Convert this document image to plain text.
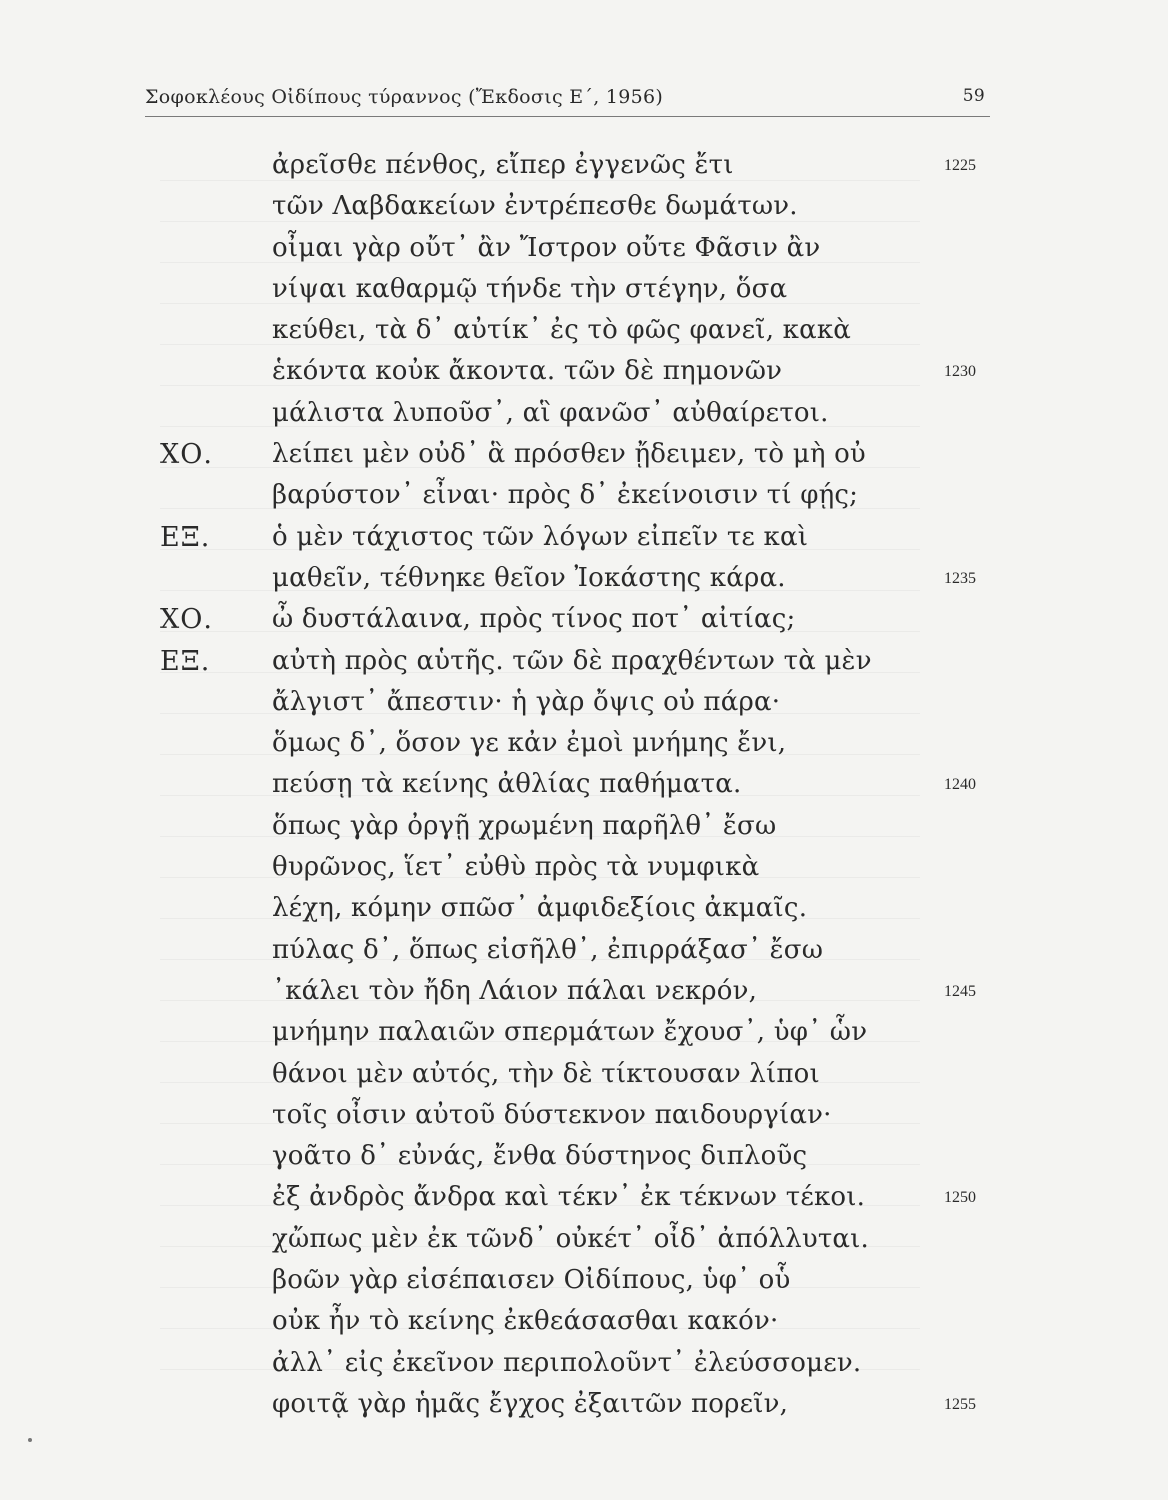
Σοφοκλέους Οἰδίπους τύραννος (Ἔκδοσις Ε΄, 1956)	59
ἀρεῖσθε πένθος, εἴπερ ἐγγενῶς ἔτι	1225
τῶν Λαβδακείων ἐντρέπεσθε δωμάτων.
οἶμαι γὰρ οὔτ᾽ ἂν Ἴστρον οὔτε Φᾶσιν ἂν
νίψαι καθαρμῷ τήνδε τὴν στέγην, ὅσα
κεύθει, τὰ δ᾽ αὐτίκ᾽ ἐς τὸ φῶς φανεῖ, κακὰ
ἑκόντα κοὐκ ἄκοντα. τῶν δὲ πημονῶν	1230
μάλιστα λυποῦσ᾽, αἳ φανῶσ᾽ αὐθαίρετοι.
ΧΟ. λείπει μὲν οὐδ᾽ ἃ πρόσθεν ᾔδειμεν, τὸ μὴ οὐ
βαρύστον᾽ εἶναι· πρὸς δ᾽ ἐκείνοισιν τί φῄς;
ΕΞ. ὁ μὲν τάχιστος τῶν λόγων εἰπεῖν τε καὶ
μαθεῖν, τέθνηκε θεῖον Ἰοκάστης κάρα.	1235
ΧΟ. ὦ δυστάλαινα, πρὸς τίνος ποτ᾽ αἰτίας;
ΕΞ. αὐτὴ πρὸς αὑτῆς. τῶν δὲ πραχθέντων τὰ μὲν
ἄλγιστ᾽ ἄπεστιν· ἡ γὰρ ὄψις οὐ πάρα·
ὅμως δ᾽, ὅσον γε κἀν ἐμοὶ μνήμης ἔνι,
πεύσῃ τὰ κείνης ἀθλίας παθήματα.	1240
ὅπως γὰρ ὀργῇ χρωμένη παρῆλθ᾽ ἔσω
θυρῶνος, ἵετ᾽ εὐθὺ πρὸς τὰ νυμφικὰ
λέχη, κόμην σπῶσ᾽ ἀμφιδεξίοις ἀκμαῖς.
πύλας δ᾽, ὅπως εἰσῆλθ᾽, ἐπιρράξασ᾽ ἔσω
᾽κάλει τὸν ἤδη Λάιον πάλαι νεκρόν,	1245
μνήμην παλαιῶν σπερμάτων ἔχουσ᾽, ὑφ᾽ ὧν
θάνοι μὲν αὐτός, τὴν δὲ τίκτουσαν λίποι
τοῖς οἶσιν αὐτοῦ δύστεκνον παιδουργίαν·
γοᾶτο δ᾽ εὐνάς, ἔνθα δύστηνος διπλοῦς
ἐξ ἀνδρὸς ἄνδρα καὶ τέκν᾽ ἐκ τέκνων τέκοι.	1250
χὤπως μὲν ἐκ τῶνδ᾽ οὐκέτ᾽ οἶδ᾽ ἀπόλλυται.
βοῶν γὰρ εἰσέπαισεν Οἰδίπους, ὑφ᾽ οὗ
οὐκ ἦν τὸ κείνης ἐκθεάσασθαι κακόν·
ἀλλ᾽ εἰς ἐκεῖνον περιπολοῦντ᾽ ἐλεύσσομεν.
φοιτᾷ γὰρ ἡμᾶς ἔγχος ἐξαιτῶν πορεῖν,	1255
